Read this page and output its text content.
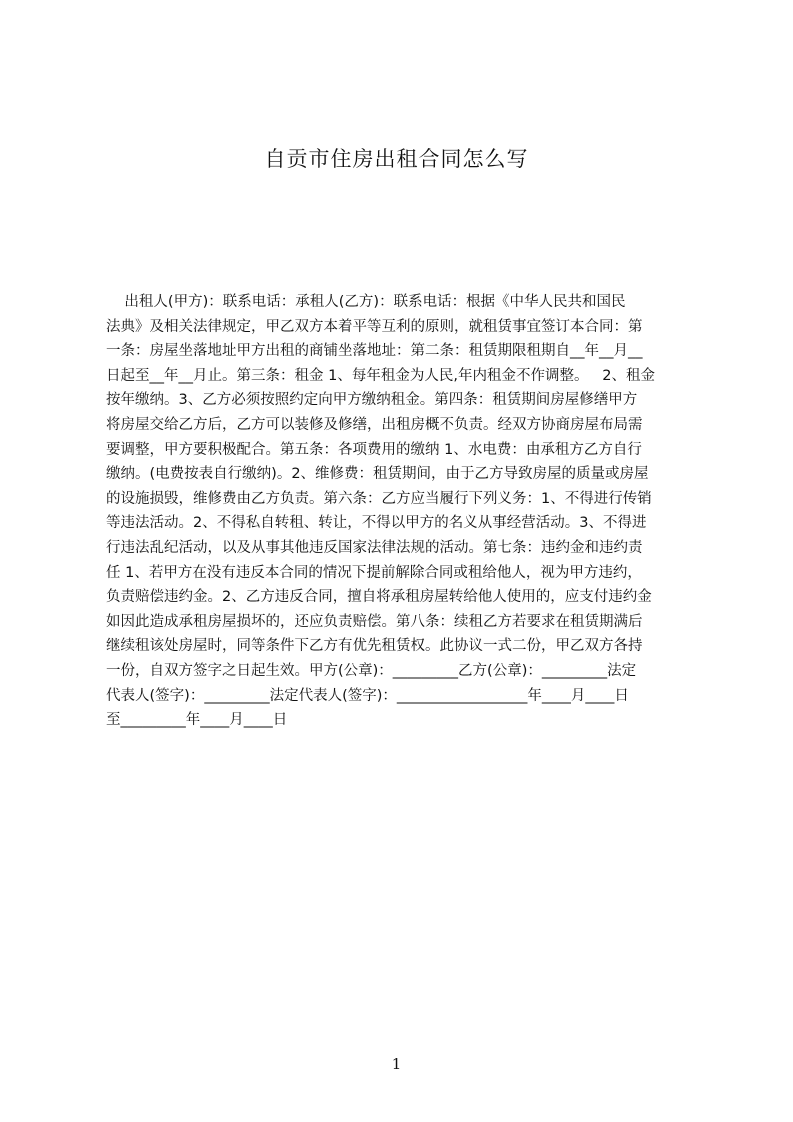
自贡市住房出租合同怎么写
出租人(甲方)：联系电话：承租人(乙方)：联系电话：根据《中华人民共和国民
法典》及相关法律规定，甲乙双方本着平等互利的原则，就租赁事宜签订本合同：第
一条：房屋坐落地址甲方出租的商铺坐落地址：第二条：租赁期限租期自__年__月__
日起至__年__月止。第三条：租金 1、每年租金为人民,年内租金不作调整。   2、租金
按年缴纳。3、乙方必须按照约定向甲方缴纳租金。第四条：租赁期间房屋修缮甲方
将房屋交给乙方后，乙方可以装修及修缮，出租房概不负责。经双方协商房屋布局需
要调整，甲方要积极配合。第五条：各项费用的缴纳 1、水电费：由承租方乙方自行
缴纳。(电费按表自行缴纳)。2、维修费：租赁期间，由于乙方导致房屋的质量或房屋
的设施损毁，维修费由乙方负责。第六条：乙方应当履行下列义务：1、不得进行传销
等违法活动。2、不得私自转租、转让，不得以甲方的名义从事经营活动。3、不得进
行违法乱纪活动，以及从事其他违反国家法律法规的活动。第七条：违约金和违约责
任 1、若甲方在没有违反本合同的情况下提前解除合同或租给他人，视为甲方违约，
负责赔偿违约金。2、乙方违反合同，擅自将承租房屋转给他人使用的，应支付违约金
如因此造成承租房屋损坏的，还应负责赔偿。第八条：续租乙方若要求在租赁期满后
继续租该处房屋时，同等条件下乙方有优先租赁权。此协议一式二份，甲乙双方各持
一份，自双方签字之日起生效。甲方(公章)：_________乙方(公章)：_________法定
代表人(签字)：_________法定代表人(签字)：__________________年____月____日
至_________年____月____日
1
